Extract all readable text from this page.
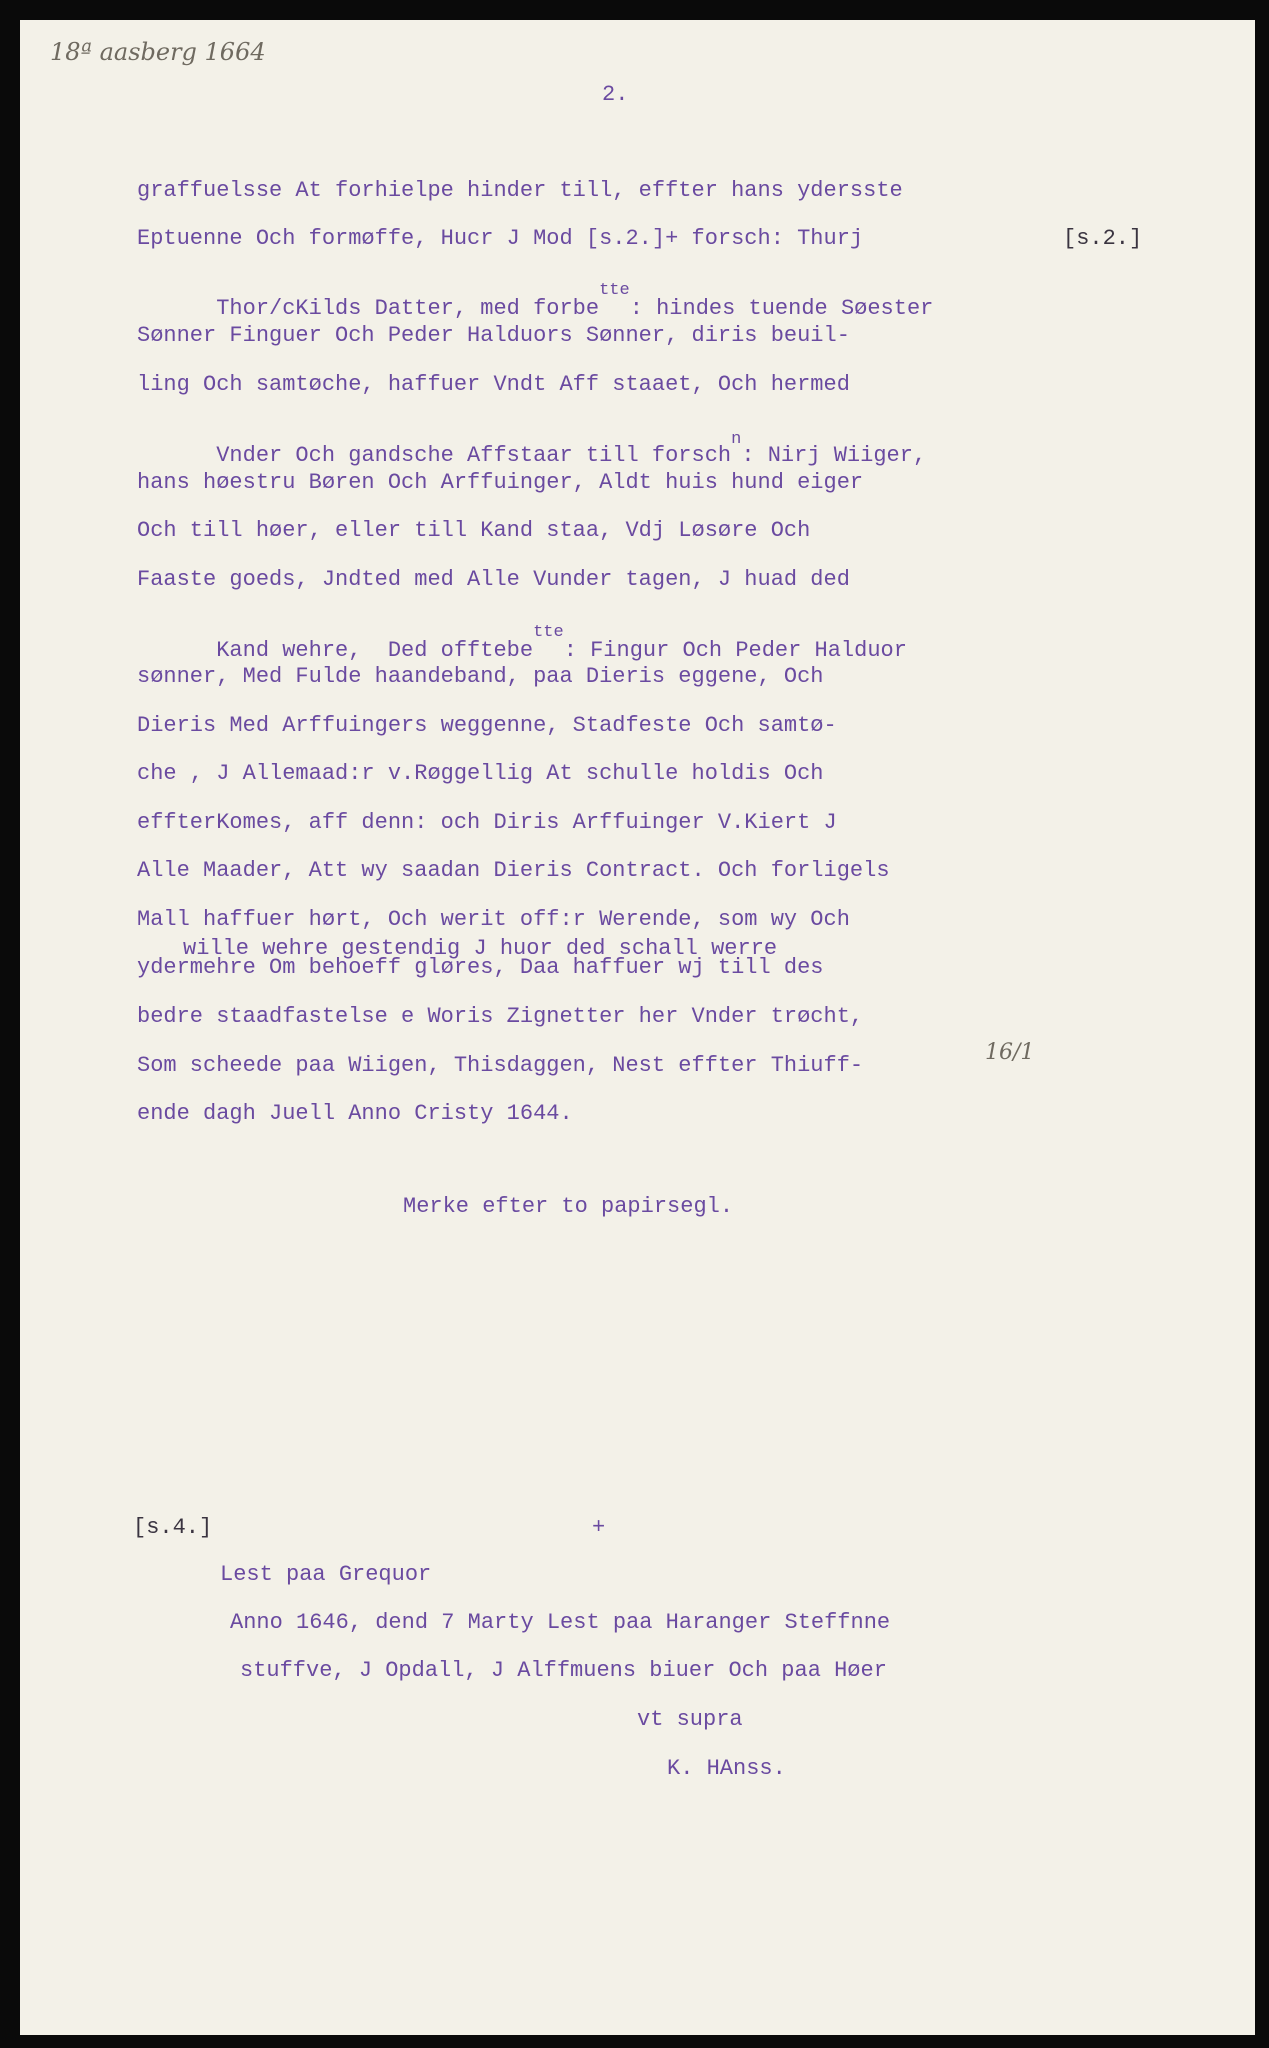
18ª aasberg 1664
2.
graffuelsse At forhielpe hinder till, effter hans ydersste
Eptuenne Och formøffe, Hucr J Mod [s.2.]+ forsch: Thurj

Thor/cKilds Datter, med forbe$^{tte}$: hindes tuende Søester

Sønner Finguer Och Peder Halduors Sønner, diris beuil-
ling Och samtøche, haffuer Vndt Aff staaet, Och hermed

Vnder Och gandsche Affstaar till forsch$^n$: Nirj Wiiger,

hans høestru Børen Och Arffuinger, Aldt huis hund eiger
Och till høer, eller till Kand staa, Vdj Løsøre Och
Faaste goeds, Jndted med Alle Vunder tagen, J huad ded

Kand wehre,  Ded offtebe$^{tte}$: Fingur Och Peder Halduor

sønner, Med Fulde haandeband, paa Dieris eggene, Och
Dieris Med Arffuingers weggenne, Stadfeste Och samtø-
che , J Allemaad:r v.Røggellig At schulle holdis Och
effterKomes, aff denn: och Diris Arffuinger V.Kiert J
Alle Maader, Att wy saadan Dieris Contract. Och forligels
Mall haffuer hørt, Och werit off:r Werende, som wy Och
wille wehre gestendig J huor ded schall werre
ydermehre Om behoeff gløres, Daa haffuer wj till des
bedre staadfastelse e Woris Zignetter her Vnder trøcht,
Som scheede paa Wiigen, Thisdaggen, Nest effter Thiuff-
ende dagh Juell Anno Cristy 1644.
[s.2.]
16/1
Merke efter to papirsegl.
[s.4.]	+
Lest paa Grequor
Anno 1646, dend 7 Marty Lest paa Haranger Steffnne
stuffve, J Opdall, J Alffmuens biuer Och paa Høer
vt supra
K. HAnss.
